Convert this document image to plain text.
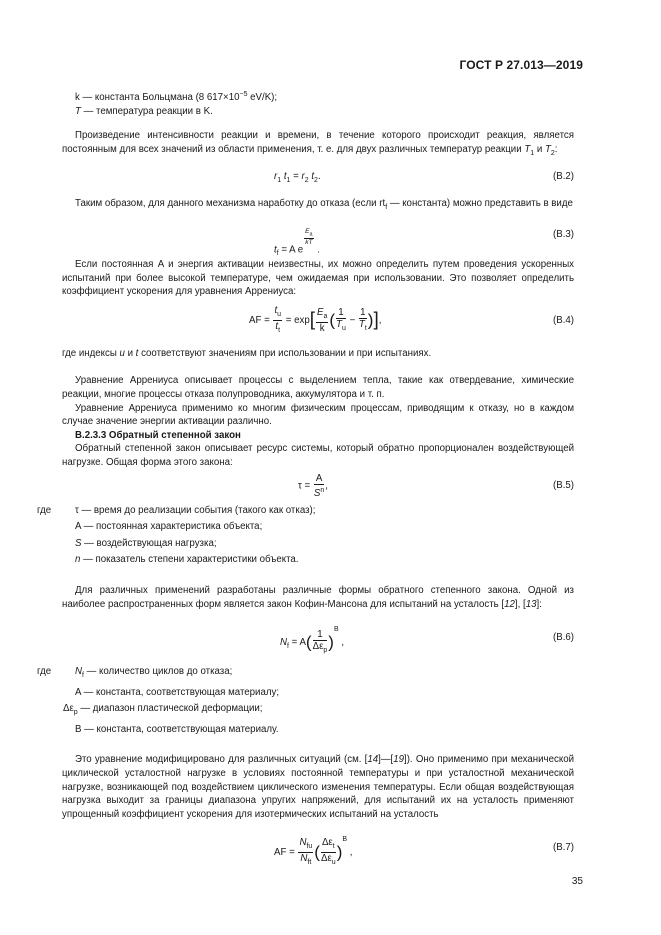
ГОСТ Р 27.013—2019

k — константа Больцмана (8 $617\times 10^{-5}$ eV/K);

T — температура реакции в K.

Произведение интенсивности реакции и времени, в течение которого происходит реакция, является постоянным для всех значений из области применения, т. е. для двух различных температур реакции $T_1$ и $T_2$:

$r_1$ $t_1 = r_2$ $t_2$.	(B.2)

Таким образом, для данного механизма наработку до отказа (если $rt_f$ — константа) можно представить в виде

$t_f = A$ e
$\frac{E_a}{kT}$
.
(B.3)

Если постоянная A и энергия активации неизвестны, их можно определить путем проведения ускоренных испытаний при более высокой температуре, чем ожидаемая при использовании. Это позволяет определить коэффициент ускорения для уравнения Аррениуса:

AF = $\frac{t_u}{t_t} = \exp[ \frac{E_a}{k}$ ( $\frac{1}{T_u} - \frac{1}{T_t}$ )],	(B.4)

где индексы u и t соответствуют значениям при использовании и при испытаниях.

Уравнение Аррениуса описывает процессы с выделением тепла, такие как отвердевание, химические реакции, многие процессы отказа полупроводника, аккумулятора и т. п.

Уравнение Аррениуса применимо ко многим физическим процессам, приводящим к отказу, но в каждом случае значение энергии активации различно.

B.2.3.3 Обратный степенной закон

Обратный степенной закон описывает ресурс системы, который обратно пропорционален воздействующей нагрузке. Общая форма этого закона:

$\tau = \frac{A}{S^n}$ ,	(B.5)

где τ — время до реализации события (такого как отказ);

A — постоянная характеристика объекта;

S — воздействующая нагрузка;

n — показатель степени характеристики объекта.

Для различных применений разработаны различные формы обратного степенного закона. Одной из наиболее распространенных форм является закон Кофин-Мансона для испытаний на усталость [12], [13]:

$N_f = A( \frac{1}{\Delta\varepsilon_p} )^B$ ,	(B.6)

где $N_f$ — количество циклов до отказа;

A — константа, соответствующая материалу;

$\Delta\varepsilon_p$ — диапазон пластической деформации;

B — константа, соответствующая материалу.

Это уравнение модифицировано для различных ситуаций (см. [14]—[19]). Оно применимо при механической циклической усталостной нагрузке в условиях постоянной температуры и при усталостной механической нагрузке, возникающей под воздействием циклического изменения температуры. Если общая воздействующая нагрузка выходит за границы диапазона упругих напряжений, для испытаний их на усталость применяют упрощенный коэффициент ускорения для изотермических испытаний на усталость

AF = $\frac{N_{fu}}{N_{ft}}$ ( $\frac{\Delta\varepsilon_t}{\Delta\varepsilon_u} )^B$ ,	(B.7)
35
